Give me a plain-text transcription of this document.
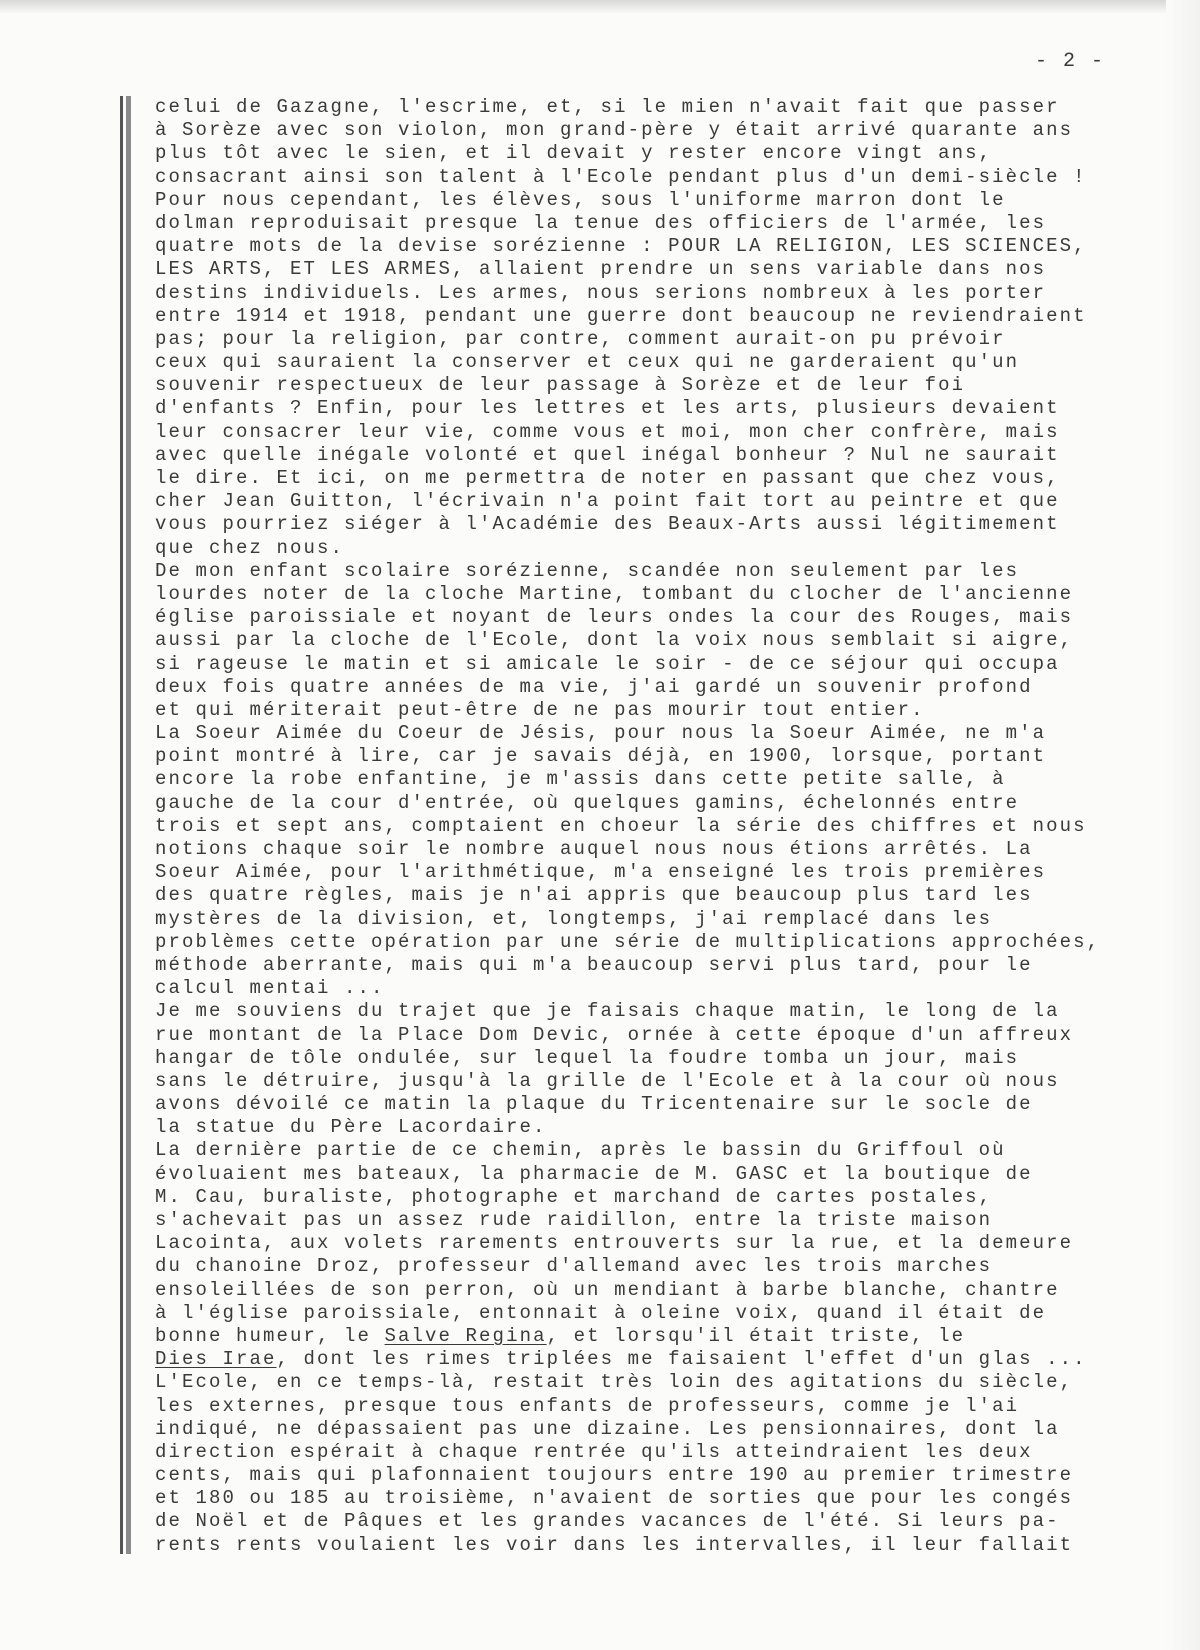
- 2 -
celui de Gazagne, l'escrime, et, si le mien n'avait fait que passer
à Sorèze avec son violon, mon grand-père y était arrivé quarante ans
plus tôt avec le sien, et il devait y rester encore vingt ans,
consacrant ainsi son talent à l'Ecole pendant plus d'un demi-siècle !
Pour nous cependant, les élèves, sous l'uniforme marron dont le
dolman reproduisait presque la tenue des officiers de l'armée, les
quatre mots de la devise sorézienne : POUR LA RELIGION, LES SCIENCES,
LES ARTS, ET LES ARMES, allaient prendre un sens variable dans nos
destins individuels. Les armes, nous serions nombreux à les porter
entre 1914 et 1918, pendant une guerre dont beaucoup ne reviendraient
pas; pour la religion, par contre, comment aurait-on pu prévoir
ceux qui sauraient la conserver et ceux qui ne garderaient qu'un
souvenir respectueux de leur passage à Sorèze et de leur foi
d'enfants ? Enfin, pour les lettres et les arts, plusieurs devaient
leur consacrer leur vie, comme vous et moi, mon cher confrère, mais
avec quelle inégale volonté et quel inégal bonheur ? Nul ne saurait
le dire. Et ici, on me permettra de noter en passant que chez vous,
cher Jean Guitton, l'écrivain n'a point fait tort au peintre et que
vous pourriez siéger à l'Académie des Beaux-Arts aussi légitimement
que chez nous.
De mon enfant scolaire sorézienne, scandée non seulement par les
lourdes noter de la cloche Martine, tombant du clocher de l'ancienne
église paroissiale et noyant de leurs ondes la cour des Rouges, mais
aussi par la cloche de l'Ecole, dont la voix nous semblait si aigre,
si rageuse le matin et si amicale le soir - de ce séjour qui occupa
deux fois quatre années de ma vie, j'ai gardé un souvenir profond
et qui mériterait peut-être de ne pas mourir tout entier.
La Soeur Aimée du Coeur de Jésis, pour nous la Soeur Aimée, ne m'a
point montré à lire, car je savais déjà, en 1900, lorsque, portant
encore la robe enfantine, je m'assis dans cette petite salle, à
gauche de la cour d'entrée, où quelques gamins, échelonnés entre
trois et sept ans, comptaient en choeur la série des chiffres et nous
notions chaque soir le nombre auquel nous nous étions arrêtés. La
Soeur Aimée, pour l'arithmétique, m'a enseigné les trois premières
des quatre règles, mais je n'ai appris que beaucoup plus tard les
mystères de la division, et, longtemps, j'ai remplacé dans les
problèmes cette opération par une série de multiplications approchées,
méthode aberrante, mais qui m'a beaucoup servi plus tard, pour le
calcul mentai ...
Je me souviens du trajet que je faisais chaque matin, le long de la
rue montant de la Place Dom Devic, ornée à cette époque d'un affreux
hangar de tôle ondulée, sur lequel la foudre tomba un jour, mais
sans le détruire, jusqu'à la grille de l'Ecole et à la cour où nous
avons dévoilé ce matin la plaque du Tricentenaire sur le socle de
la statue du Père Lacordaire.
La dernière partie de ce chemin, après le bassin du Griffoul où
évoluaient mes bateaux, la pharmacie de M. GASC et la boutique de
M. Cau, buraliste, photographe et marchand de cartes postales,
s'achevait pas un assez rude raidillon, entre la triste maison
Lacointa, aux volets rarements entrouverts sur la rue, et la demeure
du chanoine Droz, professeur d'allemand avec les trois marches
ensoleillées de son perron, où un mendiant à barbe blanche, chantre
à l'église paroissiale, entonnait à oleine voix, quand il était de
bonne humeur, le Salve Regina, et lorsqu'il était triste, le
Dies Irae, dont les rimes triplées me faisaient l'effet d'un glas ...
L'Ecole, en ce temps-là, restait très loin des agitations du siècle,
les externes, presque tous enfants de professeurs, comme je l'ai
indiqué, ne dépassaient pas une dizaine. Les pensionnaires, dont la
direction espérait à chaque rentrée qu'ils atteindraient les deux
cents, mais qui plafonnaient toujours entre 190 au premier trimestre
et 180 ou 185 au troisième, n'avaient de sorties que pour les congés
de Noël et de Pâques et les grandes vacances de l'été. Si leurs pa-
rents rents voulaient les voir dans les intervalles, il leur fallait
